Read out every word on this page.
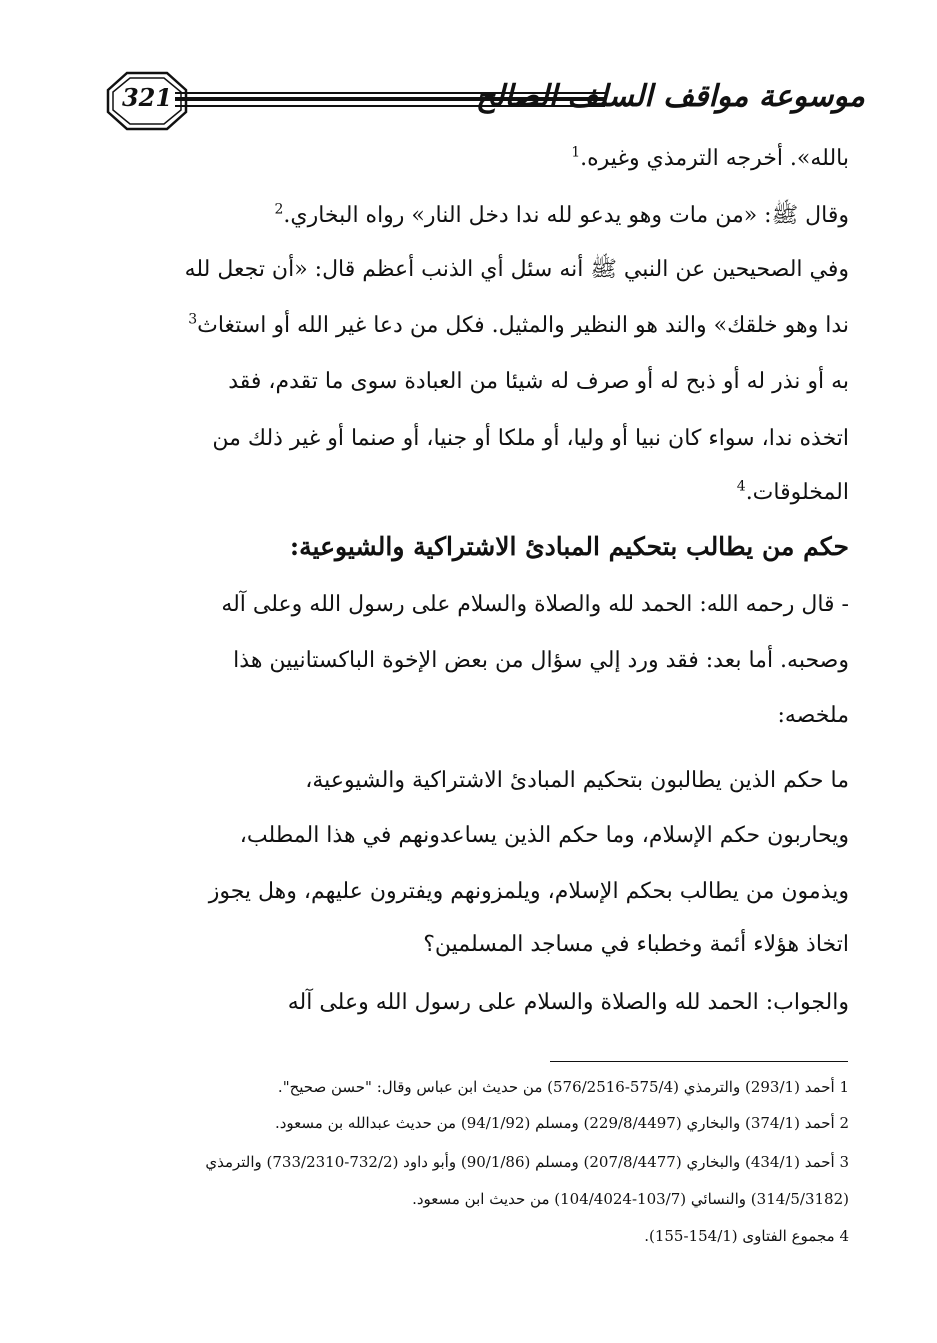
321	موسوعة مواقف السلف الصالح
بالله». أخرجه الترمذي وغيره.$^1$
وقال ﷺ: «من مات وهو يدعو لله ندا دخل النار» رواه البخاري.$^2$
وفي الصحيحين عن النبي ﷺ أنه سئل أي الذنب أعظم قال: «أن تجعل لله
ندا وهو خلقك» والند هو النظير والمثيل. فكل من دعا غير الله أو استغاث$^3$
به أو نذر له أو ذبح له أو صرف له شيئا من العبادة سوى ما تقدم، فقد
اتخذه ندا، سواء كان نبيا أو وليا، أو ملكا أو جنيا، أو صنما أو غير ذلك من
المخلوقات.$^4$
حكم من يطالب بتحكيم المبادئ الاشتراكية والشيوعية:
- قال رحمه الله: الحمد لله والصلاة والسلام على رسول الله وعلى آله
وصحبه. أما بعد: فقد ورد إلي سؤال من بعض الإخوة الباكستانيين هذا
ملخصه:
ما حكم الذين يطالبون بتحكيم المبادئ الاشتراكية والشيوعية،
ويحاربون حكم الإسلام، وما حكم الذين يساعدونهم في هذا المطلب،
ويذمون من يطالب بحكم الإسلام، ويلمزونهم ويفترون عليهم، وهل يجوز
اتخاذ هؤلاء أئمة وخطباء في مساجد المسلمين؟
والجواب: الحمد لله والصلاة والسلام على رسول الله وعلى آله
1 أحمد (293/1) والترمذي (575/4-576/2516) من حديث ابن عباس وقال: "حسن صحيح".
2 أحمد (374/1) والبخاري (229/8/4497) ومسلم (94/1/92) من حديث عبدالله بن مسعود.
3 أحمد (434/1) والبخاري (207/8/4477) ومسلم (90/1/86) وأبو داود (732/2-733/2310) والترمذي
(314/5/3182) والنسائي (103/7-104/4024) من حديث ابن مسعود.
4 مجموع الفتاوى (154/1-155).
